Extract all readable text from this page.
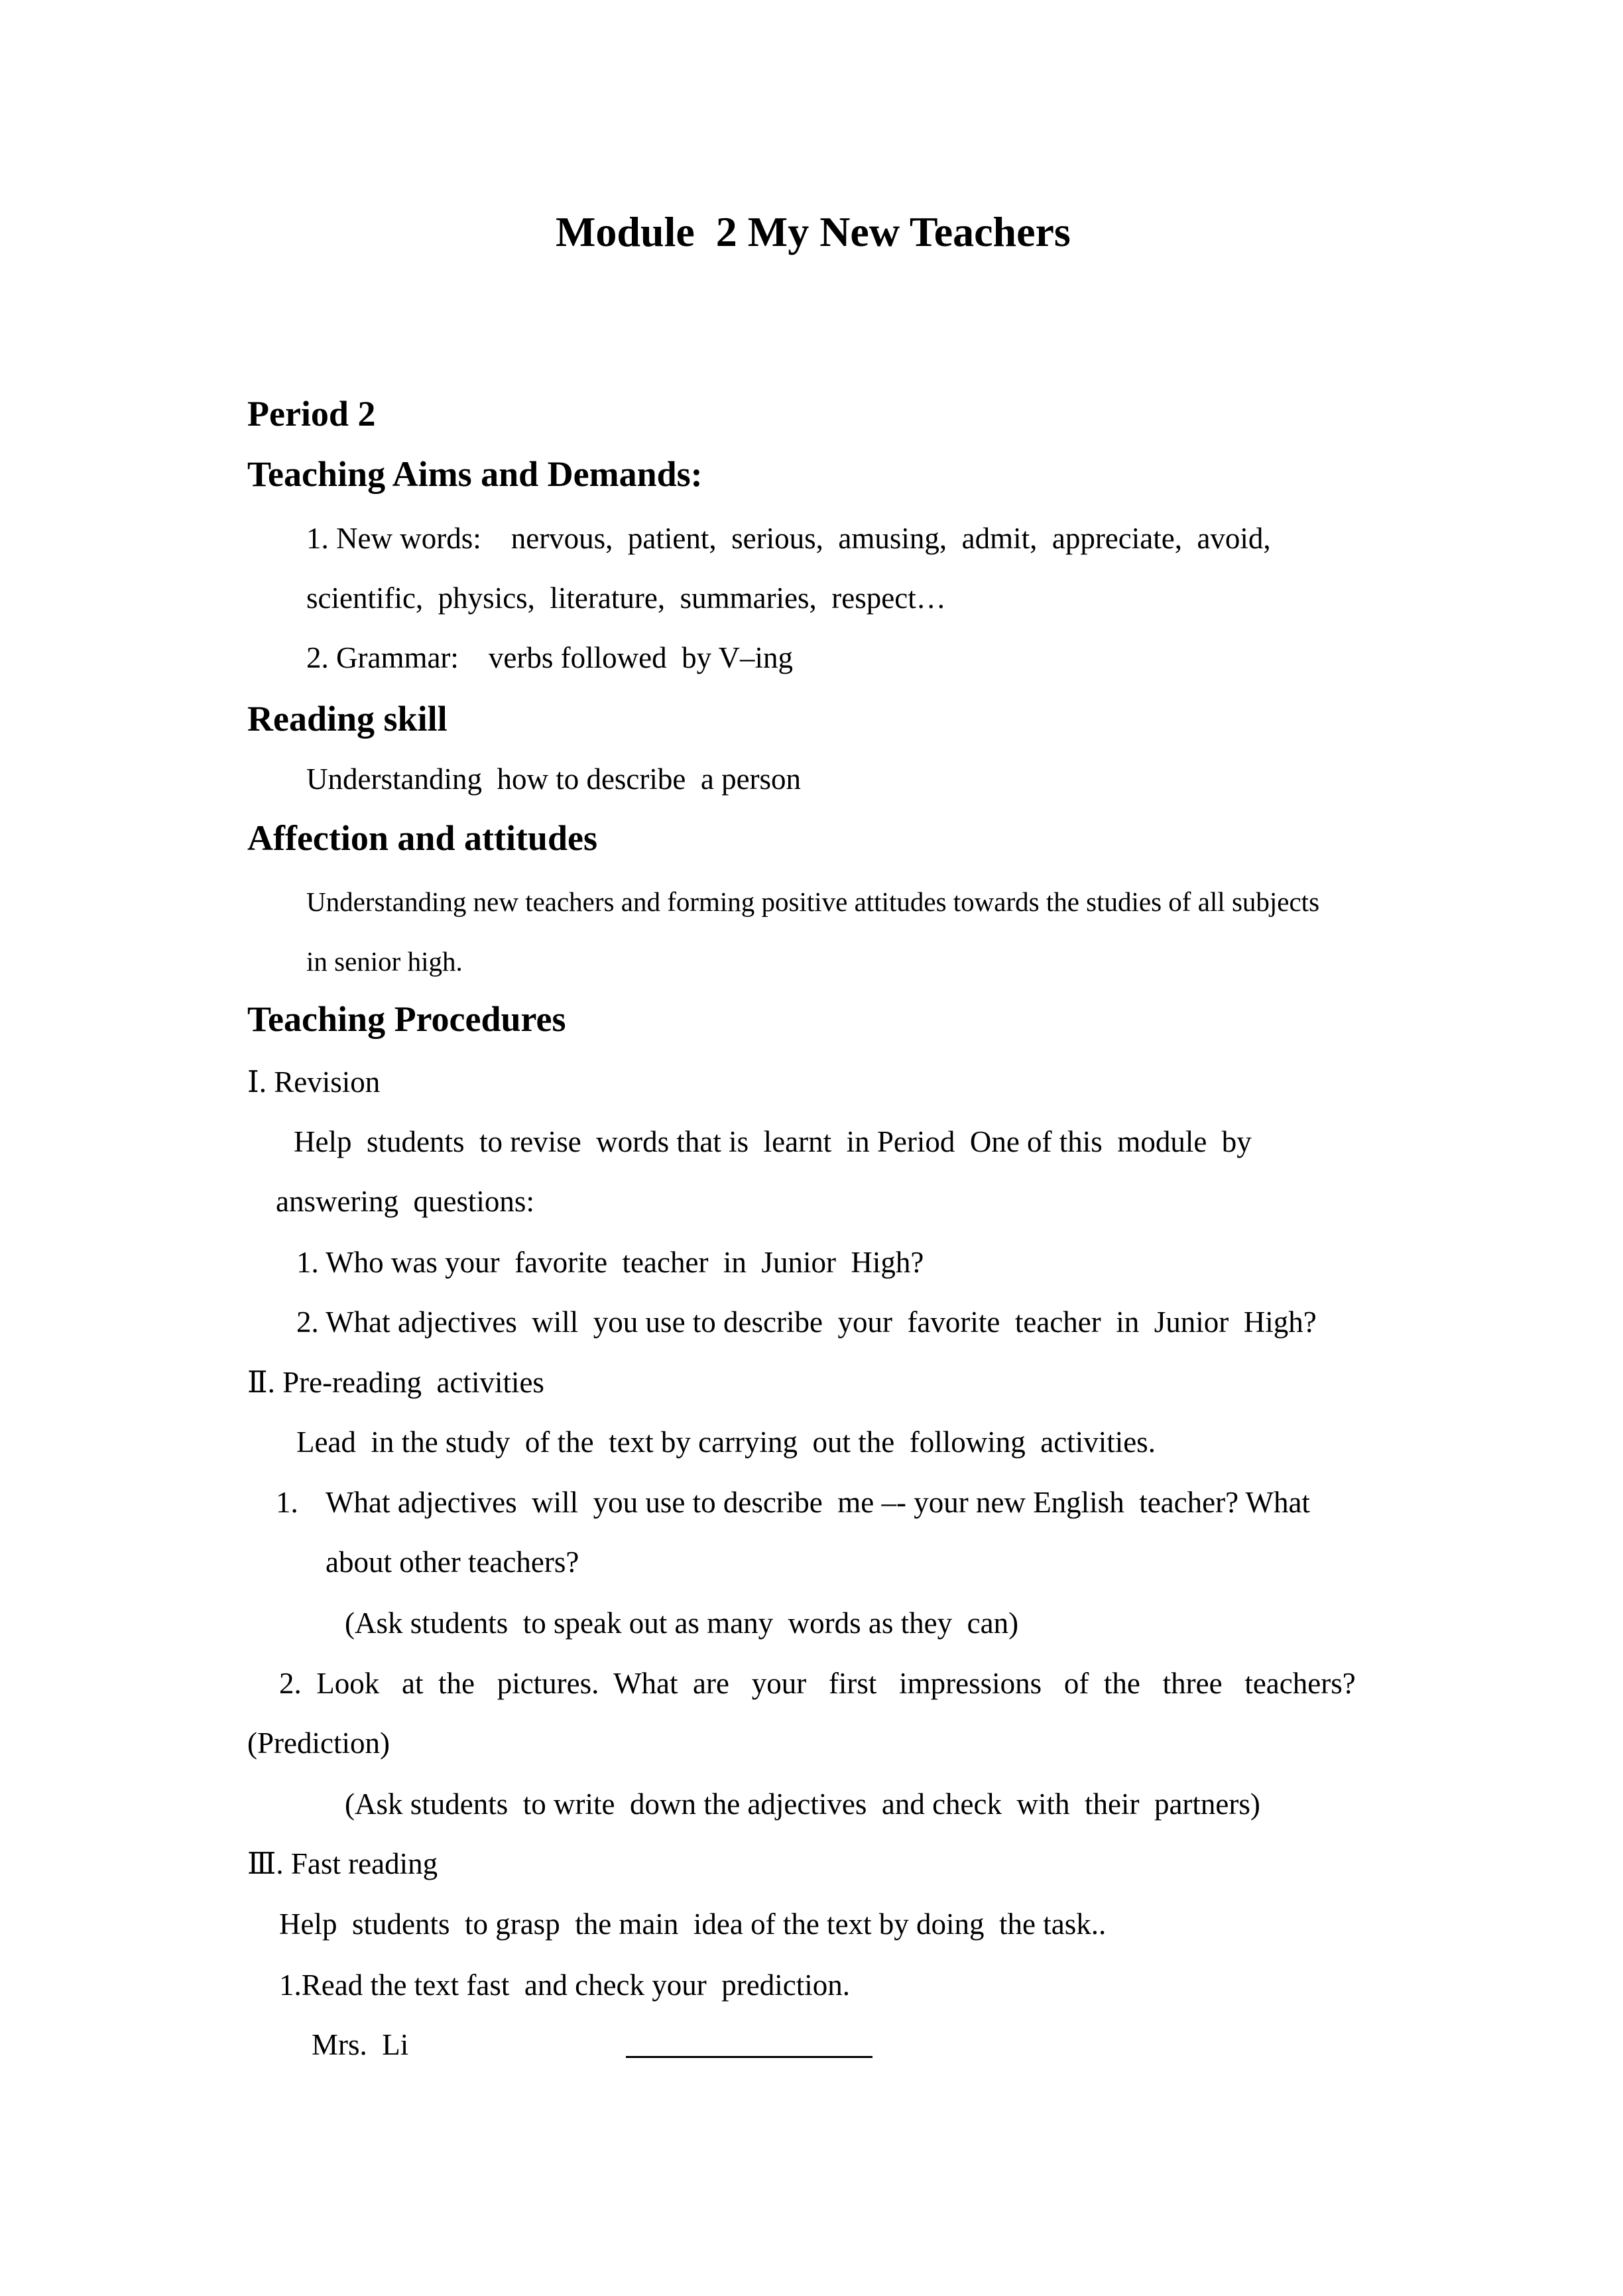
Module  2 My New Teachers
Period 2
Teaching Aims and Demands:
1. New words:    nervous,  patient,  serious,  amusing,  admit,  appreciate,  avoid,
scientific,  physics,  literature,  summaries,  respect…
2. Grammar:    verbs followed  by V–ing
Reading skill
Understanding  how to describe  a person
Affection and attitudes
Understanding new teachers and forming positive attitudes towards the studies of all subjects
in senior high.
Teaching Procedures
Ⅰ. Revision
Help  students  to revise  words that is  learnt  in Period  One of this  module  by
answering  questions:
1. Who was your  favorite  teacher  in  Junior  High?
2. What adjectives  will  you use to describe  your  favorite  teacher  in  Junior  High?
Ⅱ. Pre-reading  activities
Lead  in the study  of the  text by carrying  out the  following  activities.
1. What adjectives  will  you use to describe  me –- your new English  teacher? What
about other teachers?
(Ask students  to speak out as many  words as they  can)
2.  Look   at  the   pictures.  What  are   your   first   impressions   of  the   three   teachers?
(Prediction)
(Ask students  to write  down the adjectives  and check  with  their  partners)
Ⅲ. Fast reading
Help  students  to grasp  the main  idea of the text by doing  the task..
1.Read the text fast  and check your  prediction.
Mrs.  Li
